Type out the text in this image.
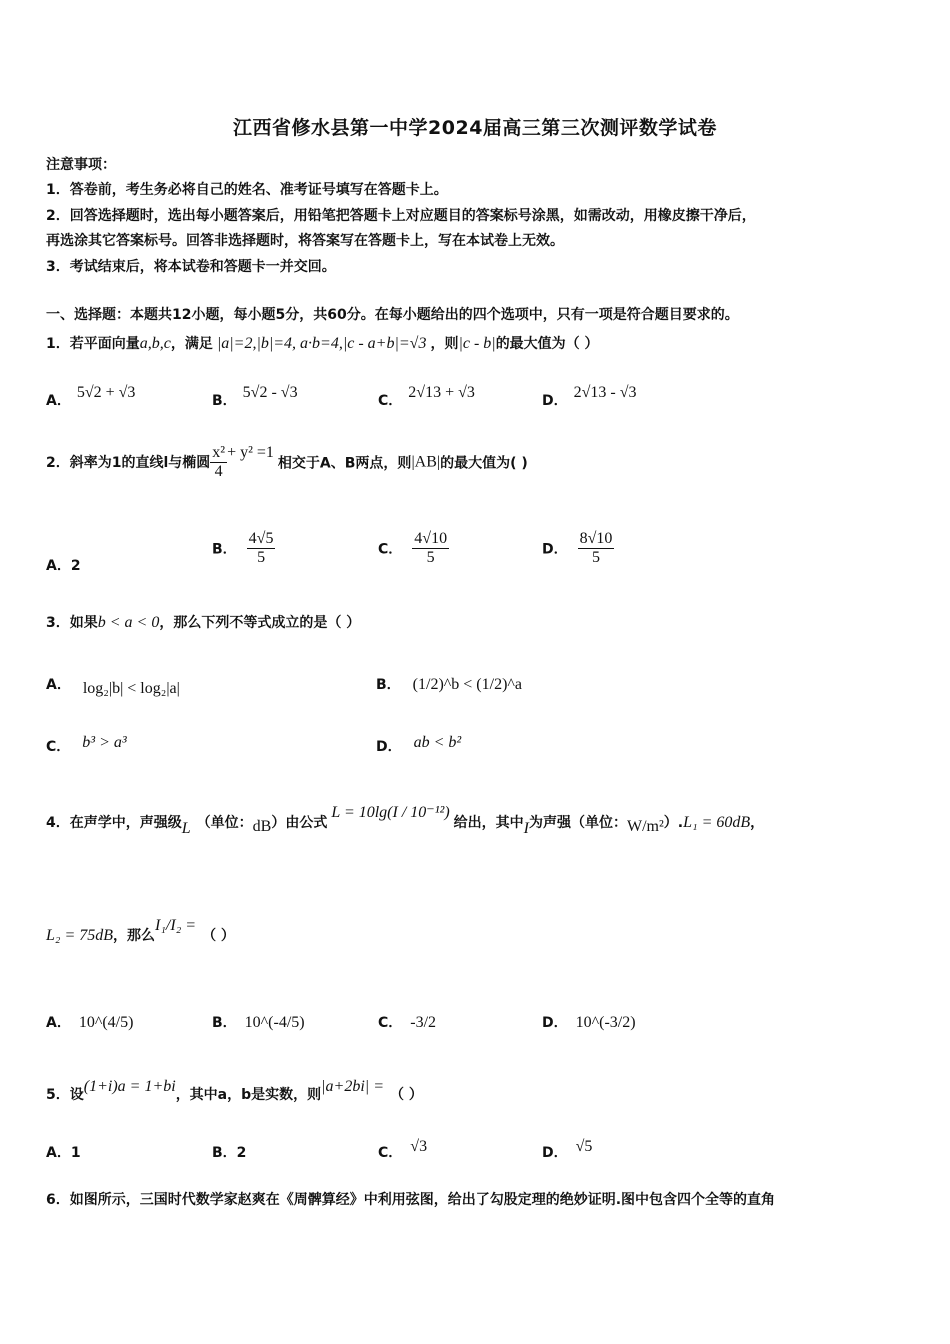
江西省修水县第一中学2024届高三第三次测评数学试卷
注意事项：
1．答卷前，考生务必将自己的姓名、准考证号填写在答题卡上。
2．回答选择题时，选出每小题答案后，用铅笔把答题卡上对应题目的答案标号涂黑，如需改动，用橡皮擦干净后，
再选涂其它答案标号。回答非选择题时，将答案写在答题卡上，写在本试卷上无效。
3．考试结束后，将本试卷和答题卡一并交回。
一、选择题：本题共12小题，每小题5分，共60分。在每小题给出的四个选项中，只有一项是符合题目要求的。
1．若平面向量a,b,c，满足 |a|=2,|b|=4, a·b=4,|c - a+b|=√3 ，则|c - b|的最大值为（ ）
A． 5√2 + √3	B． 5√2 - √3	C． 2√13 + √3	D． 2√13 - √3
2．斜率为1的直线l与椭圆 $\frac{\text{x²}}{4} + y^2 =1$相交于A、B两点，则|AB|的最大值为( )
A．2
B． $\frac{4√5}{5}$	C． $\frac{4√10}{5}$	D． $\frac{8√10}{5}$
3．如果b < a < 0，那么下列不等式成立的是（ ）
A． log₂|b| < log₂|a|	B． (1/2)^b < (1/2)^a
C． b³ > a³	D． ab < b²
4．在声学中，声强级L （单位：dB）由公式L = 10lg(I / 10⁻¹²)给出，其中I为声强（单位：W/m²）.L₁ = 60dB，
L₂ = 75dB，那么I₁/I₂ =（ ）
A． 10^(4/5)	B． 10^(-4/5)	C． -3/2	D． 10^(-3/2)
5．设(1+i)a = 1+bi，其中a，b是实数，则|a+2bi| = （ ）
A．1	B．2	C． √3	D． √5
6．如图所示，三国时代数学家赵爽在《周髀算经》中利用弦图，给出了勾股定理的绝妙证明.图中包含四个全等的直角
